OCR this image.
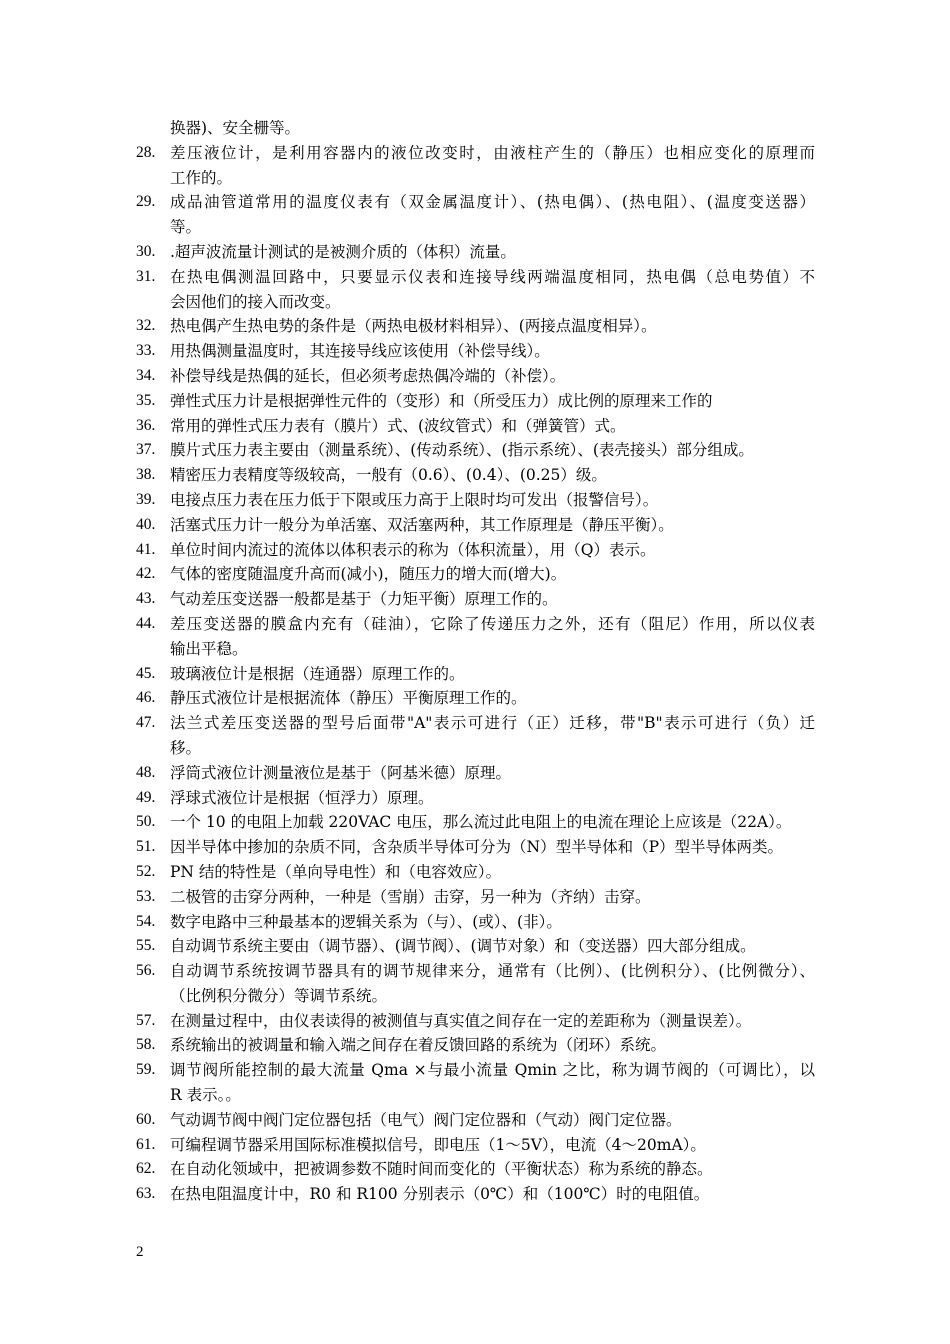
换器)、安全栅等。
28. 差压液位计，是利用容器内的液位改变时，由液柱产生的（静压）也相应变化的原理而
工作的。
29. 成品油管道常用的温度仪表有（双金属温度计）、(热电偶）、(热电阻）、(温度变送器）
等。
30. .超声波流量计测试的是被测介质的（体积）流量。
31. 在热电偶测温回路中，只要显示仪表和连接导线两端温度相同，热电偶（总电势值）不
会因他们的接入而改变。
32. 热电偶产生热电势的条件是（两热电极材料相异）、(两接点温度相异）。
33. 用热偶测量温度时，其连接导线应该使用（补偿导线）。
34. 补偿导线是热偶的延长，但必须考虑热偶冷端的（补偿）。
35. 弹性式压力计是根据弹性元件的（变形）和（所受压力）成比例的原理来工作的
36. 常用的弹性式压力表有（膜片）式、(波纹管式）和（弹簧管）式。
37. 膜片式压力表主要由（测量系统）、(传动系统）、(指示系统）、(表壳接头）部分组成。
38. 精密压力表精度等级较高，一般有（0.6）、(0.4）、(0.25）级。
39. 电接点压力表在压力低于下限或压力高于上限时均可发出（报警信号）。
40. 活塞式压力计一般分为单活塞、双活塞两种，其工作原理是（静压平衡）。
41. 单位时间内流过的流体以体积表示的称为（体积流量），用（Q）表示。
42. 气体的密度随温度升高而(减小)，随压力的增大而(增大)。
43. 气动差压变送器一般都是基于（力矩平衡）原理工作的。
44. 差压变送器的膜盒内充有（硅油），它除了传递压力之外，还有（阻尼）作用，所以仪表
输出平稳。
45. 玻璃液位计是根据（连通器）原理工作的。
46. 静压式液位计是根据流体（静压）平衡原理工作的。
47. 法兰式差压变送器的型号后面带"A"表示可进行（正）迁移，带"B"表示可进行（负）迁
移。
48. 浮筒式液位计测量液位是基于（阿基米德）原理。
49. 浮球式液位计是根据（恒浮力）原理。
50. 一个 10 的电阻上加载 220VAC 电压，那么流过此电阻上的电流在理论上应该是（22A）。
51. 因半导体中掺加的杂质不同，含杂质半导体可分为（N）型半导体和（P）型半导体两类。
52. PN 结的特性是（单向导电性）和（电容效应）。
53. 二极管的击穿分两种，一种是（雪崩）击穿，另一种为（齐纳）击穿。
54. 数字电路中三种最基本的逻辑关系为（与）、(或）、(非）。
55. 自动调节系统主要由（调节器）、(调节阀）、(调节对象）和（变送器）四大部分组成。
56. 自动调节系统按调节器具有的调节规律来分，通常有（比例）、(比例积分）、(比例微分）、
（比例积分微分）等调节系统。
57. 在测量过程中，由仪表读得的被测值与真实值之间存在一定的差距称为（测量误差）。
58. 系统输出的被调量和输入端之间存在着反馈回路的系统为（闭环）系统。
59. 调节阀所能控制的最大流量 Qma ×与最小流量 Qmin 之比，称为调节阀的（可调比），以
R 表示。。
60. 气动调节阀中阀门定位器包括（电气）阀门定位器和（气动）阀门定位器。
61. 可编程调节器采用国际标准模拟信号，即电压（1～5V），电流（4～20mA）。
62. 在自动化领域中，把被调参数不随时间而变化的（平衡状态）称为系统的静态。
63. 在热电阻温度计中，R0 和 R100 分别表示（0℃）和（100℃）时的电阻值。
2
